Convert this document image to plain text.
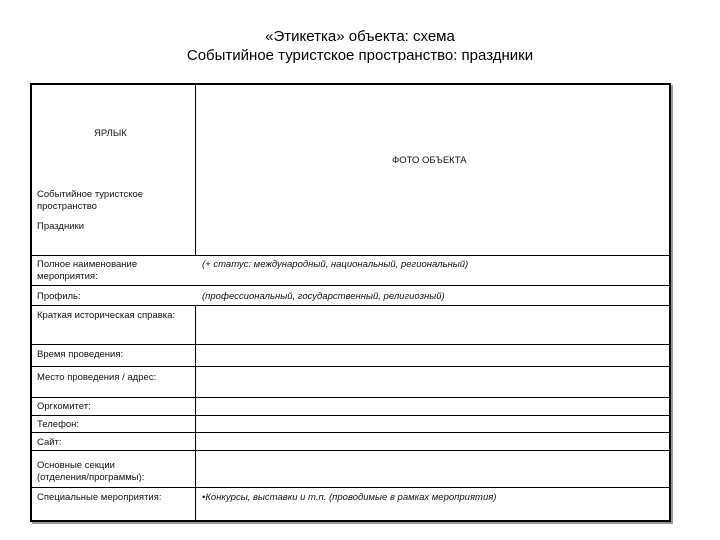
«Этикетка» объекта: схема
Событийное туристское пространство: праздники
ЯРЛЫК
Событийное туристское
пространство
Праздники
ФОТО ОБЪЕКТА
Полное наименование
мероприятия:
(+ статус: международный, национальный, региональный)
Профиль:	(профессиональный, государственный, религиозный)
Краткая историческая справка:
Время проведения:
Место проведения / адрес:
Оргкомитет:
Телефон:
Сайт:
Основные секции
(отделения/программы):
Специальные мероприятия:	•Конкурсы, выставки и т.п. (проводимые в рамках мероприятия)
